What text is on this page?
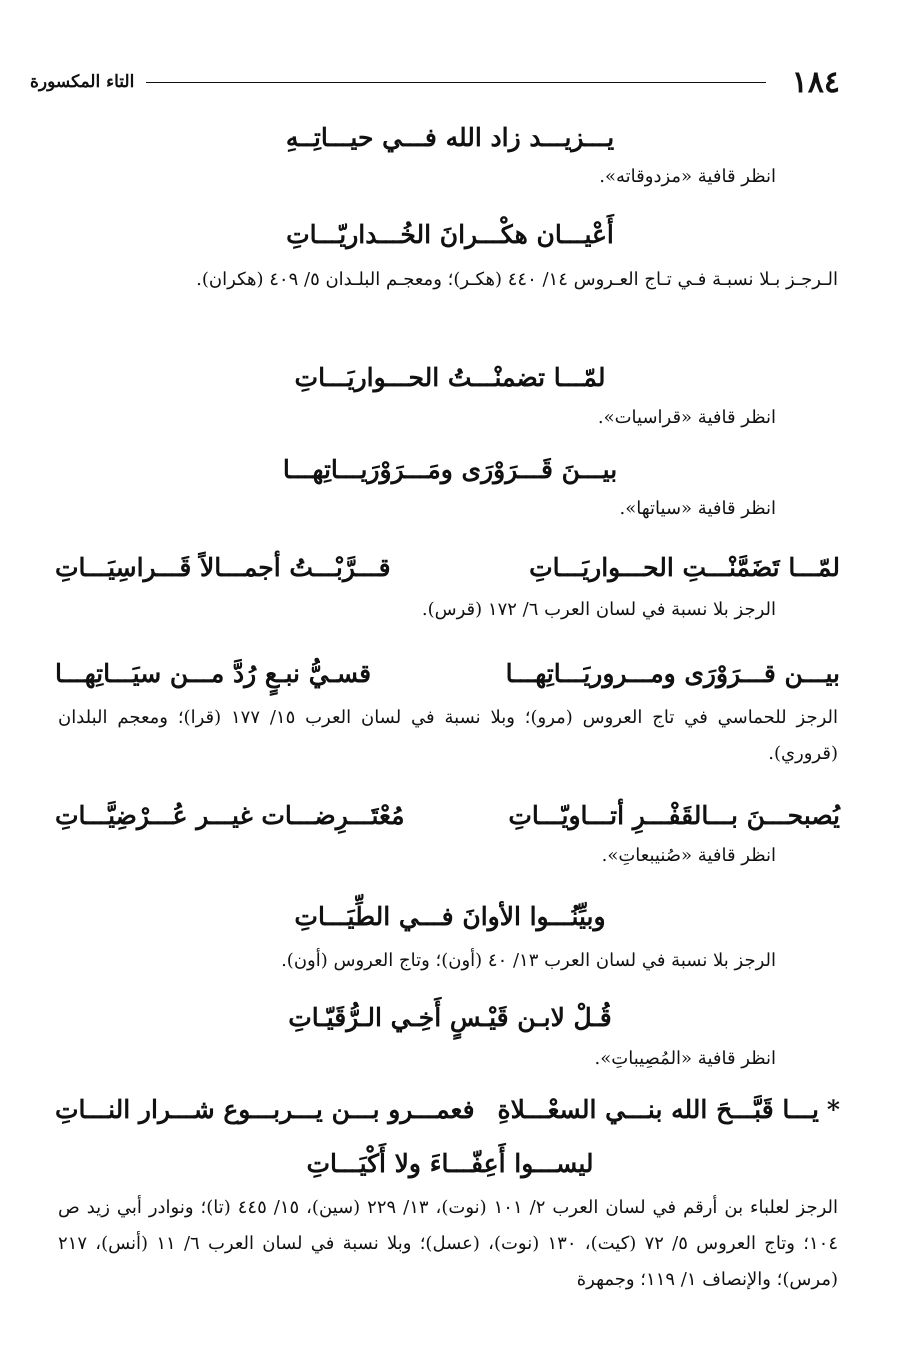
١٨٤
التاء المكسورة
يـــزيـــد زاد الله فـــي حيـــاتِــهِ
انظر قافية «مزدوقاته».
أَعْيـــان هكْـــرانَ الخُـــداريّـــاتِ
الـرجـز بـلا نسبـة فـي تـاج العـروس ١٤/ ٤٤٠ (هكـر)؛ ومعجـم البلـدان ٥/ ٤٠٩ (هكران).
لمّـــا تضمنْـــتُ الحـــواريَـــاتِ
انظر قافية «قراسيات».
بيـــنَ قَـــرَوْرَى ومَـــرَوْرَيـــاتِهـــا
انظر قافية «سياتها».
لمّـــا تَضَمَّنْـــتِ الحـــواريَـــاتِ
قـــرَّبْـــتُ أجمـــالاً قَـــراسِيَـــاتِ
الرجز بلا نسبة في لسان العرب ٦/ ١٧٢ (قرس).
بيـــن قـــرَوْرَى ومـــروريَـــاتِهـــا
قسـيُّ نبـعٍ رُدَّ مـــن سيَـــاتِهـــا
الرجز للحماسي في تاج العروس (مرو)؛ وبلا نسبة في لسان العرب ١٥/ ١٧٧ (قرا)؛ ومعجم البلدان (قروري).
يُصبحـــنَ بـــالقَفْـــرِ أتـــاويّـــاتِ
مُعْتَـــرِضـــات غيـــر عُـــرْضِيَّـــاتِ
انظر قافية «صُنيبعاتِ».
وبيِّنُـــوا الأوانَ فـــي الطِّيَـــاتِ
الرجز بلا نسبة في لسان العرب ١٣/ ٤٠ (أون)؛ وتاج العروس (أون).
قُـلْ لابـن قَيْـسٍ أَخِـي الـرُّقَيّـاتِ
انظر قافية «المُصِيباتِ».
*يـــا قَبَّـــحَ الله بنـــي السعْـــلاةِ
فعمـــرو بـــن يـــربـــوع شـــرار النـــاتِ
ليســـوا أَعِفّـــاءَ ولا أَكْيَـــاتِ
الرجز لعلباء بن أرقم في لسان العرب ٢/ ١٠١ (نوت)، ١٣/ ٢٢٩ (سين)، ١٥/ ٤٤٥ (تا)؛ ونوادر أبي زيد ص ١٠٤؛ وتاج العروس ٥/ ٧٢ (كيت)، ١٣٠ (نوت)، (عسل)؛ وبلا نسبة في لسان العرب ٦/ ١١ (أنس)، ٢١٧ (مرس)؛ والإنصاف ١/ ١١٩؛ وجمهرة
